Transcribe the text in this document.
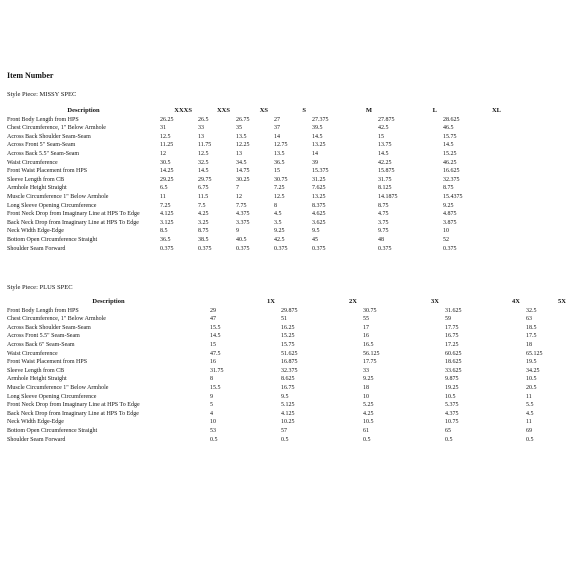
Item Number

Style Piece: MISSY SPEC

Description	XXXS	XXS	XS	S	M	L	XL
Front Body Length from HPS	26.25	26.5	26.75	27	27.375	27.875	28.625
Chest Circumference, 1" Below Armhole	31	33	35	37	39.5	42.5	46.5
Across Back Shoulder Seam-Seam	12.5	13	13.5	14	14.5	15	15.75
Across Front 5" Seam-Seam	11.25	11.75	12.25	12.75	13.25	13.75	14.5
Across Back 5.5" Seam-Seam	12	12.5	13	13.5	14	14.5	15.25
Waist Circumference	30.5	32.5	34.5	36.5	39	42.25	46.25
Front Waist Placement from HPS	14.25	14.5	14.75	15	15.375	15.875	16.625
Sleeve Length from CB	29.25	29.75	30.25	30.75	31.25	31.75	32.375
Armhole Height Straight	6.5	6.75	7	7.25	7.625	8.125	8.75
Muscle Circumference 1" Below Armhole	11	11.5	12	12.5	13.25	14.1875	15.4375
Long Sleeve Opening Circumference	7.25	7.5	7.75	8	8.375	8.75	9.25
Front Neck Drop from Imaginary Line at HPS To Edge	4.125	4.25	4.375	4.5	4.625	4.75	4.875
Back Neck Drop from Imaginary Line at HPS To Edge	3.125	3.25	3.375	3.5	3.625	3.75	3.875
Neck Width Edge-Edge	8.5	8.75	9	9.25	9.5	9.75	10
Bottom Open Circumference Straight	36.5	38.5	40.5	42.5	45	48	52
Shoulder Seam Forward	0.375	0.375	0.375	0.375	0.375	0.375	0.375

Style Piece: PLUS SPEC

Description	1X	2X	3X	4X	5X
Front Body Length from HPS	29	29.875	30.75	31.625	32.5
Chest Circumference, 1" Below Armhole	47	51	55	59	63
Across Back Shoulder Seam-Seam	15.5	16.25	17	17.75	18.5
Across Front 5.5" Seam-Seam	14.5	15.25	16	16.75	17.5
Across Back 6" Seam-Seam	15	15.75	16.5	17.25	18
Waist Circumference	47.5	51.625	56.125	60.625	65.125
Front Waist Placement from HPS	16	16.875	17.75	18.625	19.5
Sleeve Length from CB	31.75	32.375	33	33.625	34.25
Armhole Height Straight	8	8.625	9.25	9.875	10.5
Muscle Circumference 1" Below Armhole	15.5	16.75	18	19.25	20.5
Long Sleeve Opening Circumference	9	9.5	10	10.5	11
Front Neck Drop from Imaginary Line at HPS To Edge	5	5.125	5.25	5.375	5.5
Back Neck Drop from Imaginary Line at HPS To Edge	4	4.125	4.25	4.375	4.5
Neck Width Edge-Edge	10	10.25	10.5	10.75	11
Bottom Open Circumference Straight	53	57	61	65	69
Shoulder Seam Forward	0.5	0.5	0.5	0.5	0.5
